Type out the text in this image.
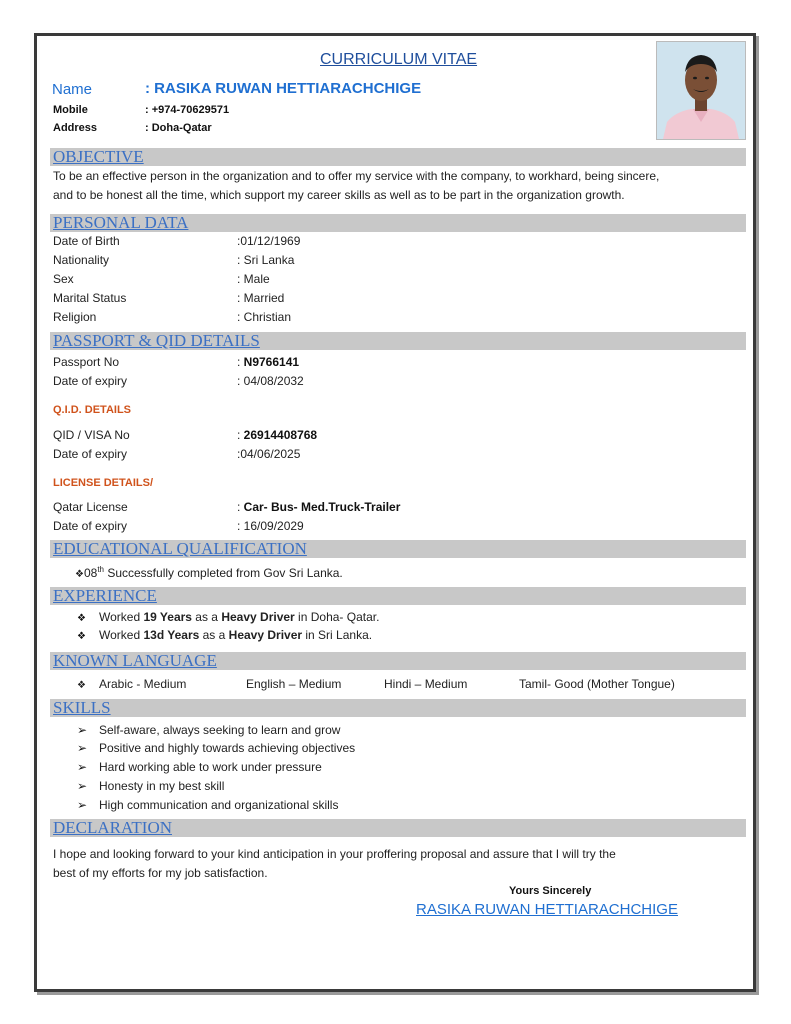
CURRICULUM VITAE
Name	: RASIKA RUWAN HETTIARACHCHIGE
Mobile	: +974-70629571
Address	: Doha-Qatar
OBJECTIVE
To be an effective person in the organization and to offer my service with the company, to workhard, being sincere,
and to be honest all the time, which support my career skills as well as to be part in the organization growth.
PERSONAL DATA
Date of Birth	:01/12/1969
Nationality	: Sri Lanka
Sex	: Male
Marital Status	: Married
Religion	: Christian
PASSPORT & QID DETAILS
Passport No	: N9766141
Date of expiry	: 04/08/2032
Q.I.D. DETAILS
QID / VISA No	: 26914408768
Date of expiry	:04/06/2025
LICENSE DETAILS/
Qatar License	: Car- Bus- Med.Truck-Trailer
Date of expiry	: 16/09/2029
EDUCATIONAL QUALIFICATION
❖08th Successfully completed from Gov Sri Lanka.
EXPERIENCE
❖ Worked 19 Years as a Heavy Driver in Doha- Qatar.
❖ Worked 13d Years as a Heavy Driver in Sri Lanka.
KNOWN LANGUAGE
❖ Arabic - Medium	English – Medium	Hindi – Medium	Tamil- Good (Mother Tongue)
SKILLS
➢ Self-aware, always seeking to learn and grow
➢ Positive and highly towards achieving objectives
➢ Hard working able to work under pressure
➢ Honesty in my best skill
➢ High communication and organizational skills
DECLARATION
I hope and looking forward to your kind anticipation in your proffering proposal and assure that I will try the
best of my efforts for my job satisfaction.
Yours Sincerely
RASIKA RUWAN HETTIARACHCHIGE
